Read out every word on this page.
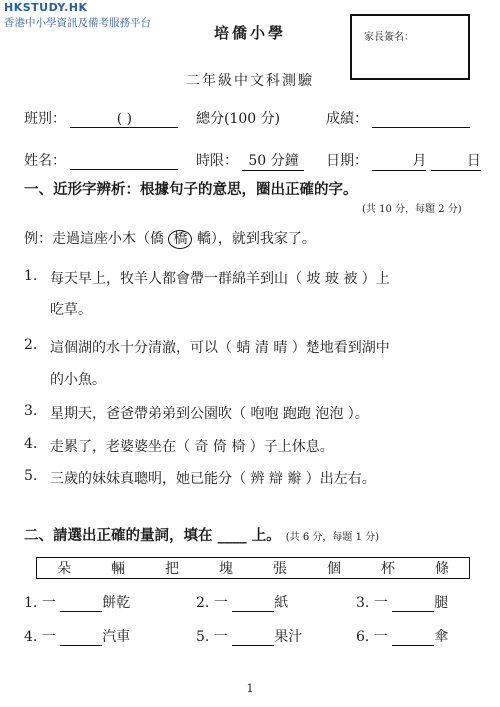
HKSTUDY.HK
香港中小學資訊及備考服務平台
培僑小學	家長簽名：
二年級中文科測驗
班別：	( )	總分(100 分)	成績：
姓名：	時限： 50 分鐘	日期：	月	日
一、近形字辨析：根據句子的意思，圈出正確的字。
(共 10 分，每題 2 分)
例：走過這座小木（僑 橋 轎），就到我家了。
1. 每天早上，牧羊人都會帶一群綿羊到山（ 坡 玻 被 ）上
吃草。
2. 這個湖的水十分清澈，可以（ 蜻 清 晴 ）楚地看到湖中
的小魚。
3. 星期天，爸爸帶弟弟到公園吹（ 咆咆 跑跑 泡泡 ）。
4. 走累了，老婆婆坐在（ 奇 倚 椅 ）子上休息。
5. 三歲的妹妹真聰明，她已能分（ 辨 辯 辮 ）出左右。
二、請選出正確的量詞，填在 ____ 上。 (共 6 分，每題 1 分)
朵	輛	把	塊	張	個	杯	條
1. 一	餅乾	2. 一	紙	3. 一	腿
4. 一	汽車	5. 一	果汁	6. 一	傘
1
